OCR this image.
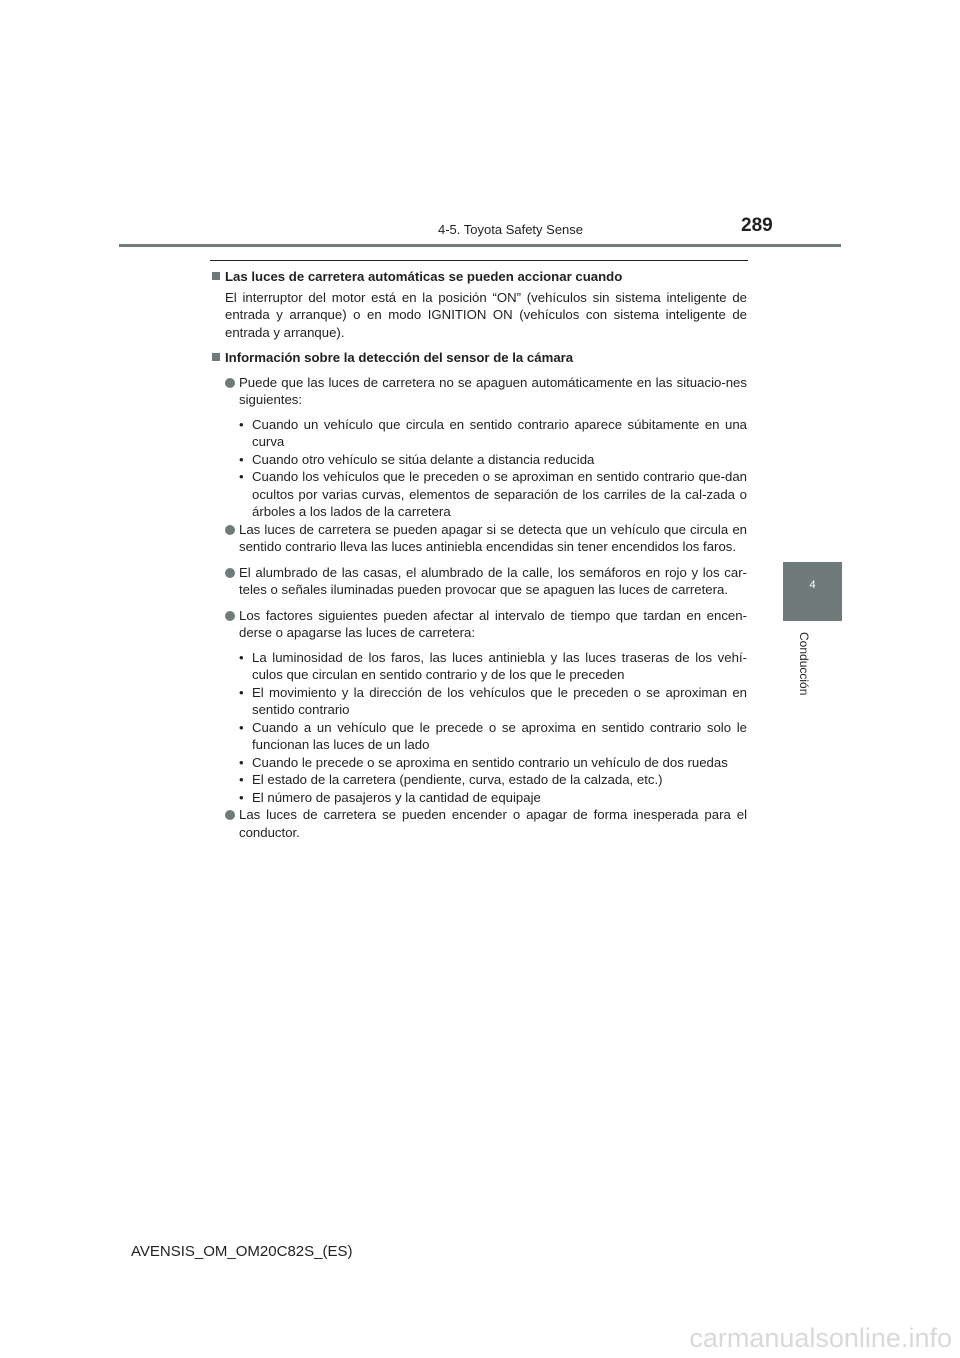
4-5. Toyota Safety Sense	289
4
Conducción

Las luces de carretera automáticas se pueden accionar cuando

El interruptor del motor está en la posición “ON” (vehículos sin sistema inteligente de entrada y arranque) o en modo IGNITION ON (vehículos con sistema inteligente de entrada y arranque).

Información sobre la detección del sensor de la cámara

Puede que las luces de carretera no se apaguen automáticamente en las situacio-nes siguientes:

• Cuando un vehículo que circula en sentido contrario aparece súbitamente en una curva
• Cuando otro vehículo se sitúa delante a distancia reducida
• Cuando los vehículos que le preceden o se aproximan en sentido contrario que-dan ocultos por varias curvas, elementos de separación de los carriles de la cal-zada o árboles a los lados de la carretera

Las luces de carretera se pueden apagar si se detecta que un vehículo que circula en sentido contrario lleva las luces antiniebla encendidas sin tener encendidos los faros.

El alumbrado de las casas, el alumbrado de la calle, los semáforos en rojo y los car-teles o señales iluminadas pueden provocar que se apaguen las luces de carretera.

Los factores siguientes pueden afectar al intervalo de tiempo que tardan en encen-derse o apagarse las luces de carretera:

• La luminosidad de los faros, las luces antiniebla y las luces traseras de los vehí-culos que circulan en sentido contrario y de los que le preceden
• El movimiento y la dirección de los vehículos que le preceden o se aproximan en sentido contrario
• Cuando a un vehículo que le precede o se aproxima en sentido contrario solo le funcionan las luces de un lado
• Cuando le precede o se aproxima en sentido contrario un vehículo de dos ruedas
• El estado de la carretera (pendiente, curva, estado de la calzada, etc.)
• El número de pasajeros y la cantidad de equipaje

Las luces de carretera se pueden encender o apagar de forma inesperada para el conductor.

AVENSIS_OM_OM20C82S_(ES)
carmanualsonline.info
